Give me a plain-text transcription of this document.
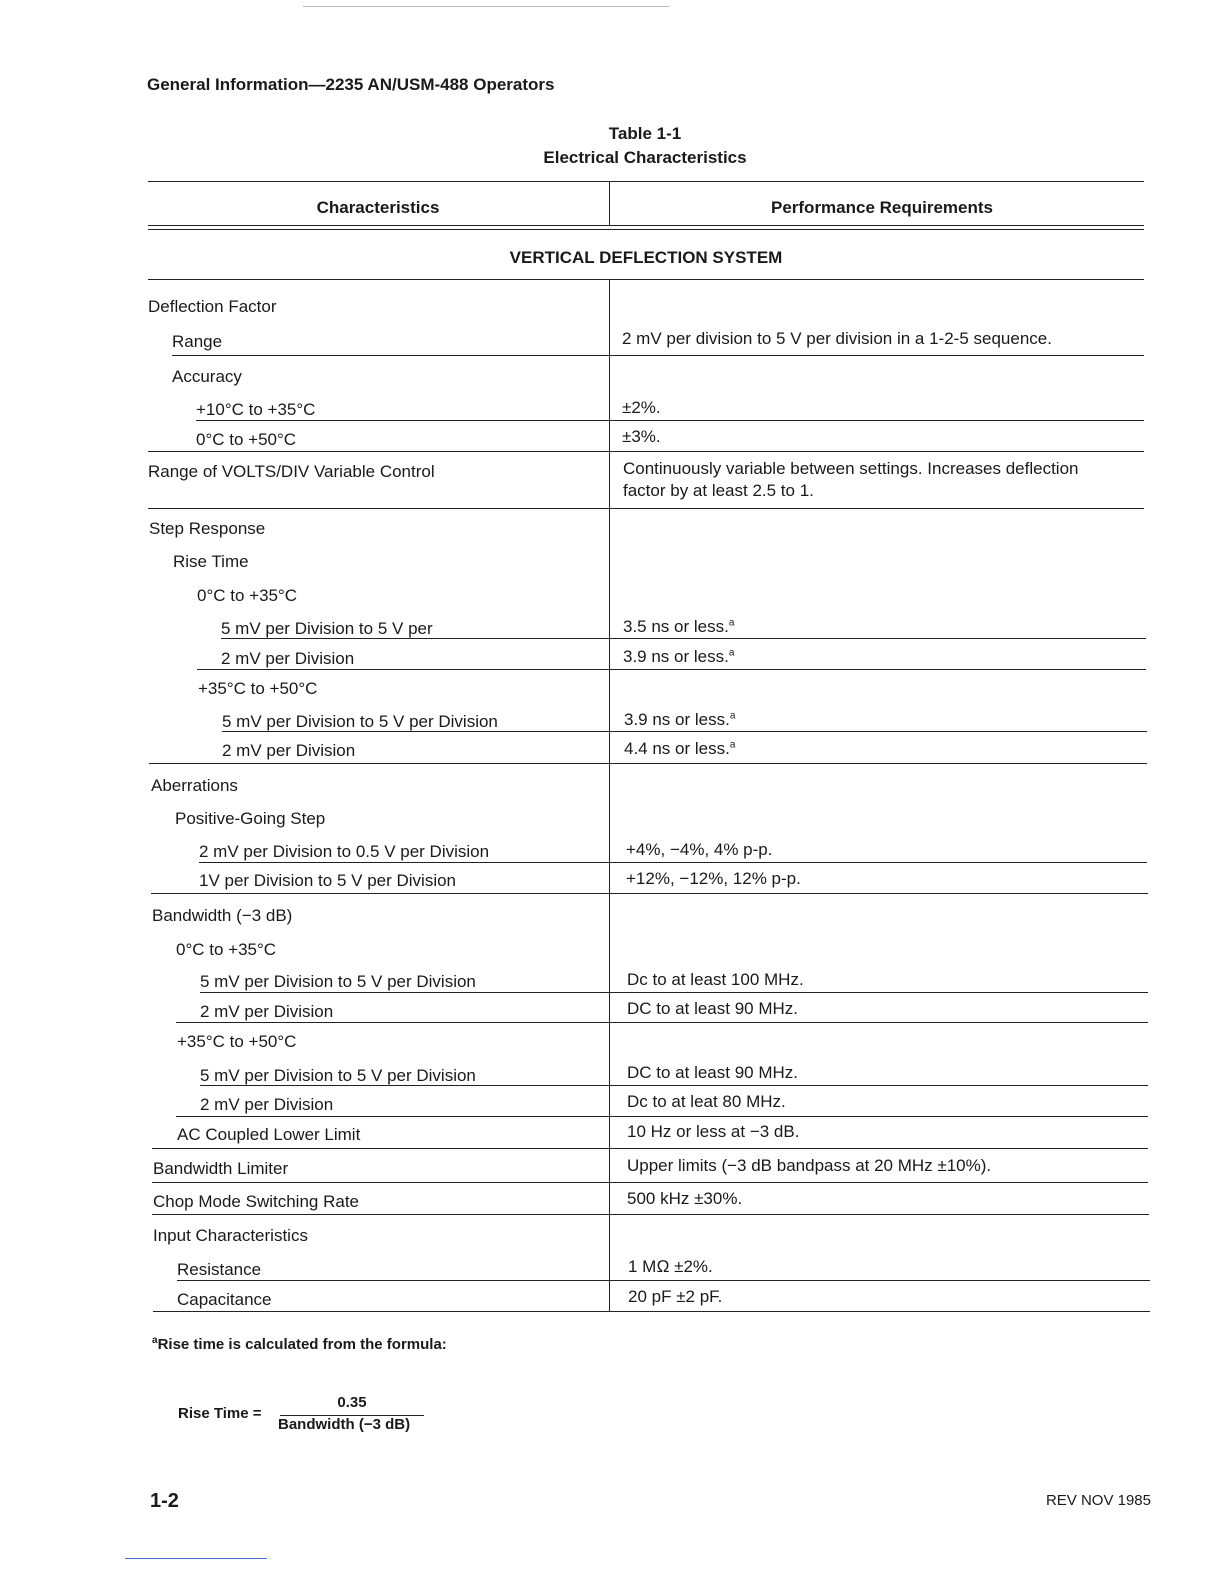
General Information—2235 AN/USM-488 Operators
Table 1-1
Electrical Characteristics
Characteristics	Performance Requirements
VERTICAL DEFLECTION SYSTEM
Deflection Factor
Range	2 mV per division to 5 V per division in a 1-2-5 sequence.
Accuracy
+10°C to +35°C	±2%.
0°C to +50°C	±3%.
Range of VOLTS/DIV Variable Control	Continuously variable between settings. Increases deflection factor by at least 2.5 to 1.
Step Response
Rise Time
0°C to +35°C
5 mV per Division to 5 V per	3.5 ns or less.$^a$
2 mV per Division	3.9 ns or less.$^a$
+35°C to +50°C
5 mV per Division to 5 V per Division	3.9 ns or less.$^a$
2 mV per Division	4.4 ns or less.$^a$
Aberrations
Positive-Going Step
2 mV per Division to 0.5 V per Division	+4%, −4%, 4% p-p.
1V per Division to 5 V per Division	+12%, −12%, 12% p-p.
Bandwidth (−3 dB)
0°C to +35°C
5 mV per Division to 5 V per Division	Dc to at least 100 MHz.
2 mV per Division	DC to at least 90 MHz.
+35°C to +50°C
5 mV per Division to 5 V per Division	DC to at least 90 MHz.
2 mV per Division	Dc to at leat 80 MHz.
AC Coupled Lower Limit	10 Hz or less at −3 dB.
Bandwidth Limiter	Upper limits (−3 dB bandpass at 20 MHz ±10%).
Chop Mode Switching Rate	500 kHz ±30%.
Input Characteristics
Resistance	1 MΩ ±2%.
Capacitance	20 pF ±2 pF.
$^a$Rise time is calculated from the formula:
Rise Time =
0.35
Bandwidth (−3 dB)
1-2	REV NOV 1985
